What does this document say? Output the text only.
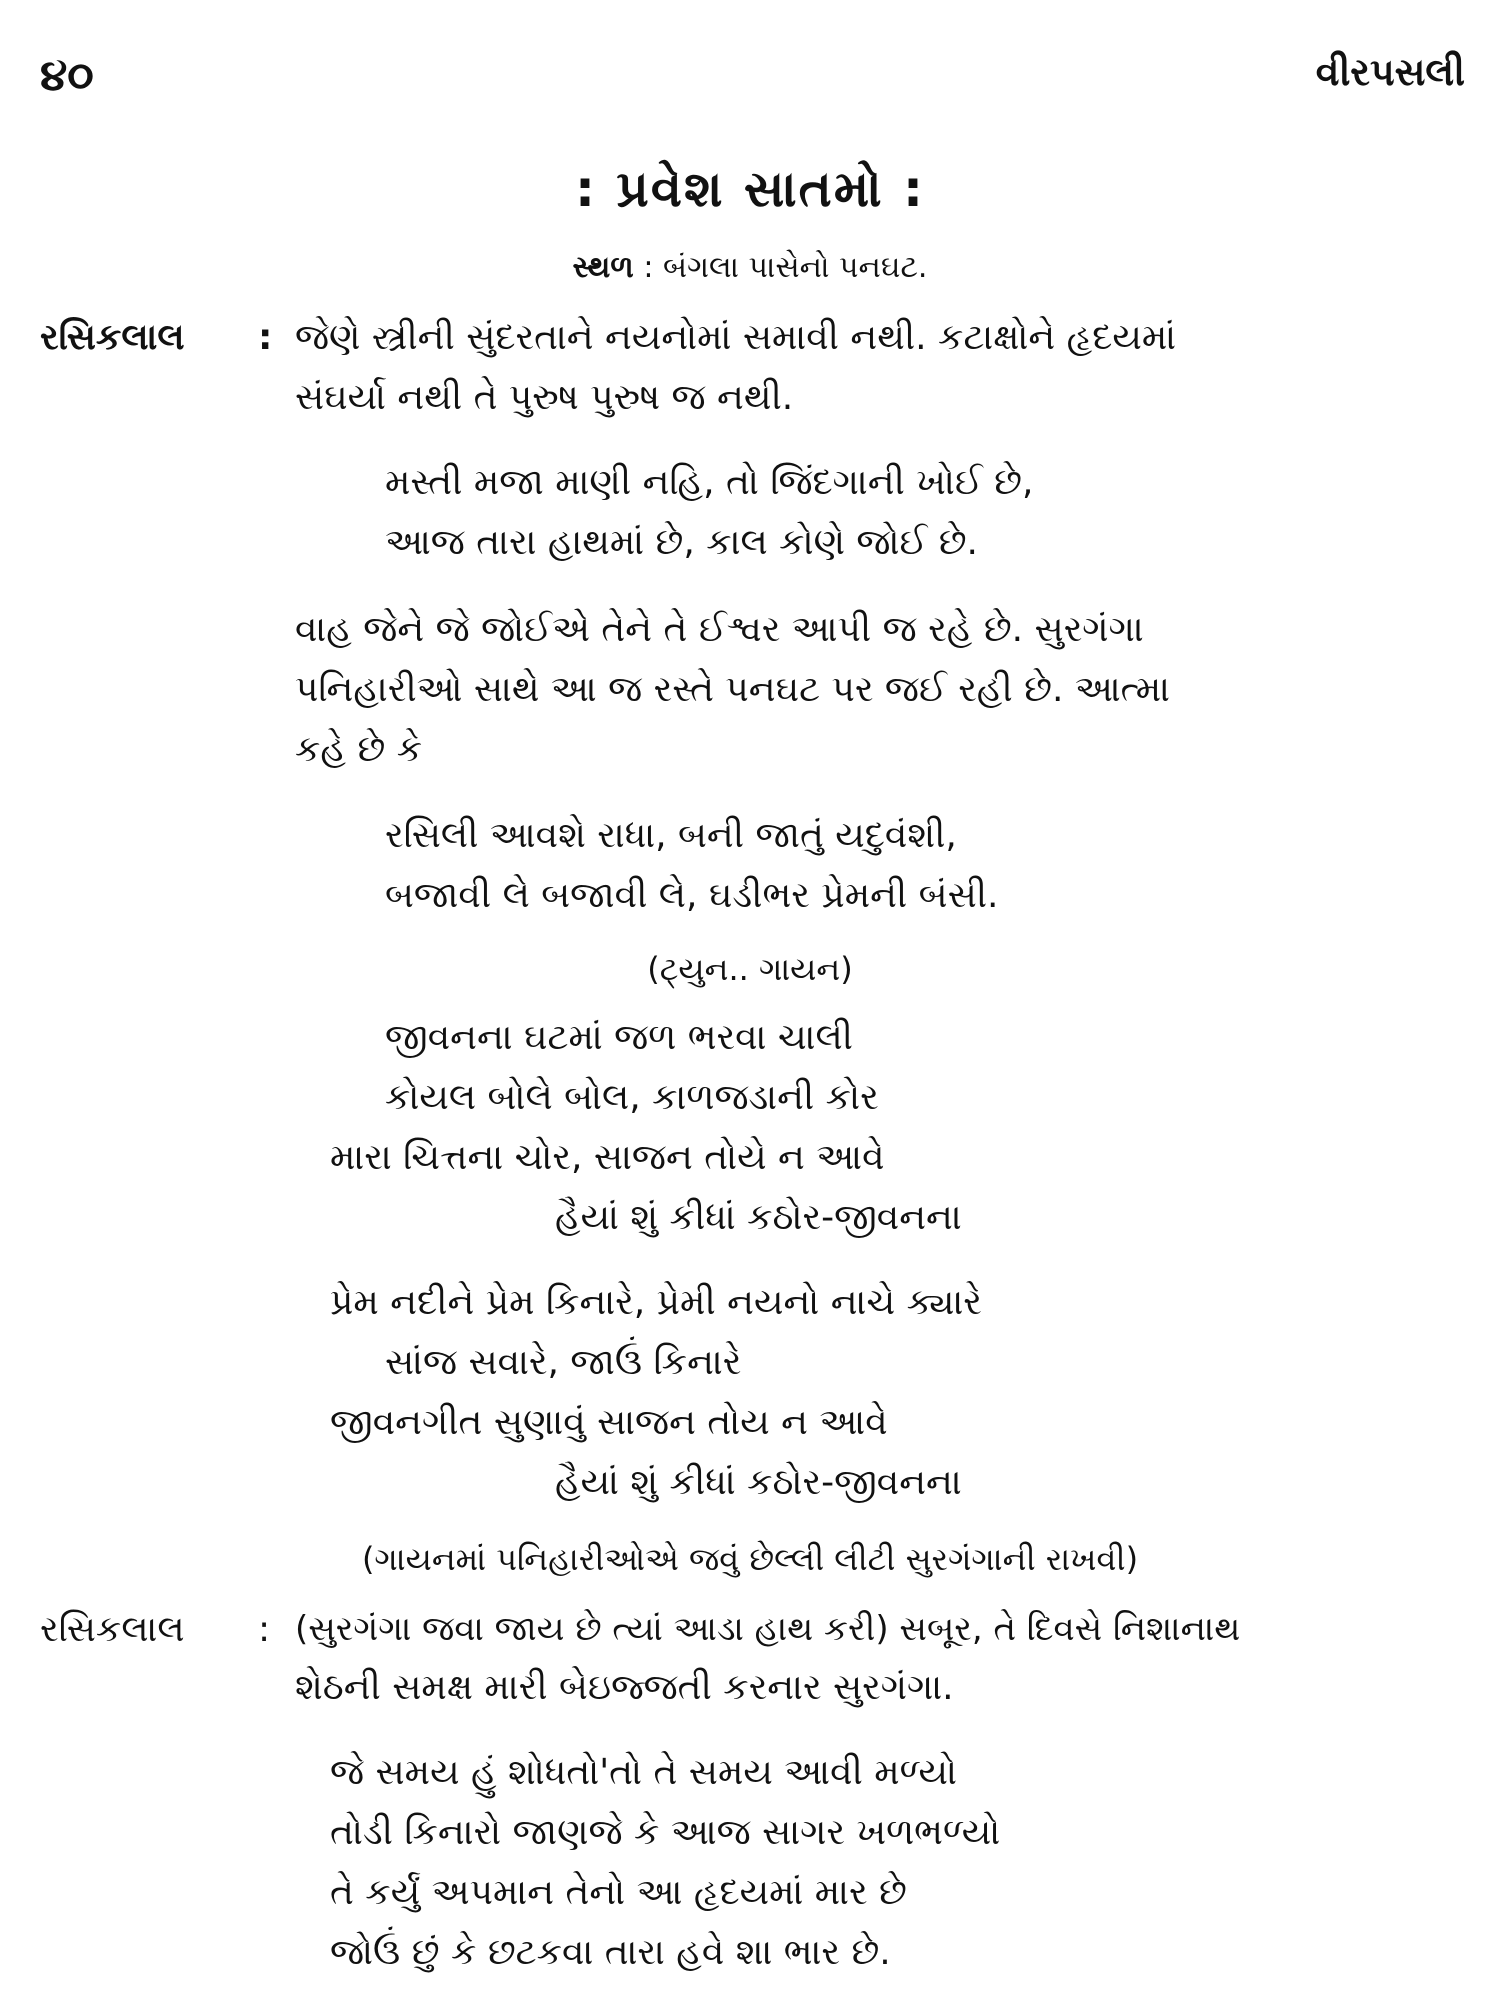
૪૦	વીરપસલી
: પ્રવેશ સાતમો :
સ્થળ : બંગલા પાસેનો પનઘટ.
રસિકલાલ : જેણે સ્ત્રીની સુંદરતાને નયનોમાં સમાવી નથી. કટાક્ષોને હૃદયમાં
સંઘર્યા નથી તે પુરુષ પુરુષ જ નથી.
મસ્તી મજા માણી નહિ, તો જિંદગાની ખોઈ છે,
આજ તારા હાથમાં છે, કાલ કોણે જોઈ છે.
વાહ જેને જે જોઈએ તેને તે ઈશ્વર આપી જ રહે છે. સુરગંગા
પનિહારીઓ સાથે આ જ રસ્તે પનઘટ પર જઈ રહી છે. આત્મા
કહે છે કે
રસિલી આવશે રાધા, બની જાતું યદુવંશી,
બજાવી લે બજાવી લે, ઘડીભર પ્રેમની બંસી.
(ટ્યુન.. ગાયન)
જીવનના ઘટમાં જળ ભરવા ચાલી
કોયલ બોલે બોલ, કાળજડાની કોર
મારા ચિત્તના ચોર, સાજન તોયે ન આવે
હૈયાં શું કીધાં કઠોર-જીવનના
પ્રેમ નદીને પ્રેમ કિનારે, પ્રેમી નયનો નાચે ક્યારે
સાંજ સવારે, જાઉં કિનારે
જીવનગીત સુણાવું સાજન તોય ન આવે
હૈયાં શું કીધાં કઠોર-જીવનના
(ગાયનમાં પનિહારીઓએ જવું છેલ્લી લીટી સુરગંગાની રાખવી)
રસિકલાલ : (સુરગંગા જવા જાય છે ત્યાં આડા હાથ કરી) સબૂર, તે દિવસે નિશાનાથ
શેઠની સમક્ષ મારી બેઇજ્જતી કરનાર સુરગંગા.
જે સમય હું શોધતો'તો તે સમય આવી મળ્યો
તોડી કિનારો જાણજે કે આજ સાગર ખળભળ્યો
તે કર્યું અપમાન તેનો આ હૃદયમાં માર છે
જોઉં છું કે છટકવા તારા હવે શા ભાર છે.
